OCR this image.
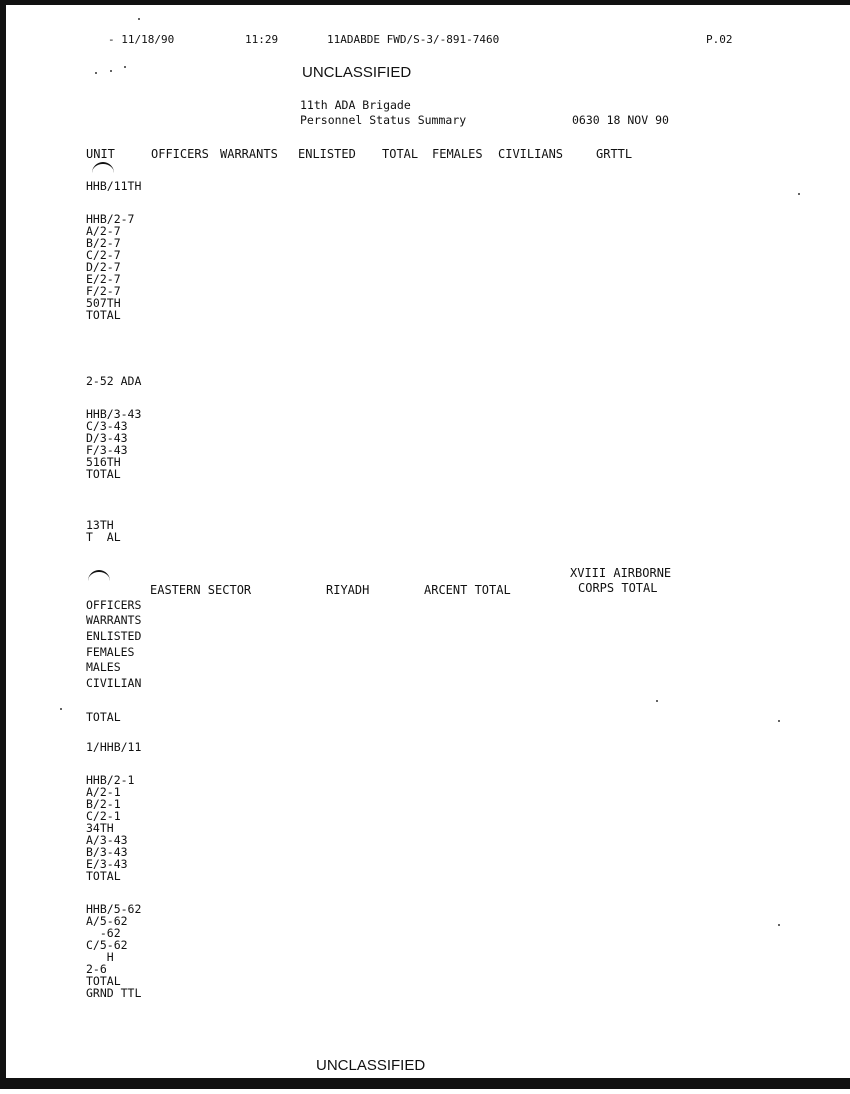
- 11/18/90	11:29	11ADABDE FWD/S-3/-891-7460	P.02
UNCLASSIFIED
11th ADA Brigade
Personnel Status Summary	0630 18 NOV 90
UNIT	OFFICERS WARRANTS ENLISTED TOTAL FEMALES CIVILIANS	GRTTL
HHB/11TH
HHB/2-7
A/2-7
B/2-7
C/2-7
D/2-7
E/2-7
F/2-7
507TH
TOTAL
2-52 ADA
HHB/3-43
C/3-43
D/3-43
F/3-43
516TH
TOTAL
13TH
T  AL
EASTERN SECTOR	RIYADH	ARCENT TOTAL
XVIII AIRBORNE
CORPS TOTAL
OFFICERS
WARRANTS
ENLISTED
FEMALES
MALES
CIVILIAN
TOTAL
1/HHB/11
HHB/2-1
A/2-1
B/2-1
C/2-1
34TH
A/3-43
B/3-43
E/3-43
TOTAL
HHB/5-62
A/5-62
-62
C/5-62
H
2-6
TOTAL
GRND TTL
UNCLASSIFIED
